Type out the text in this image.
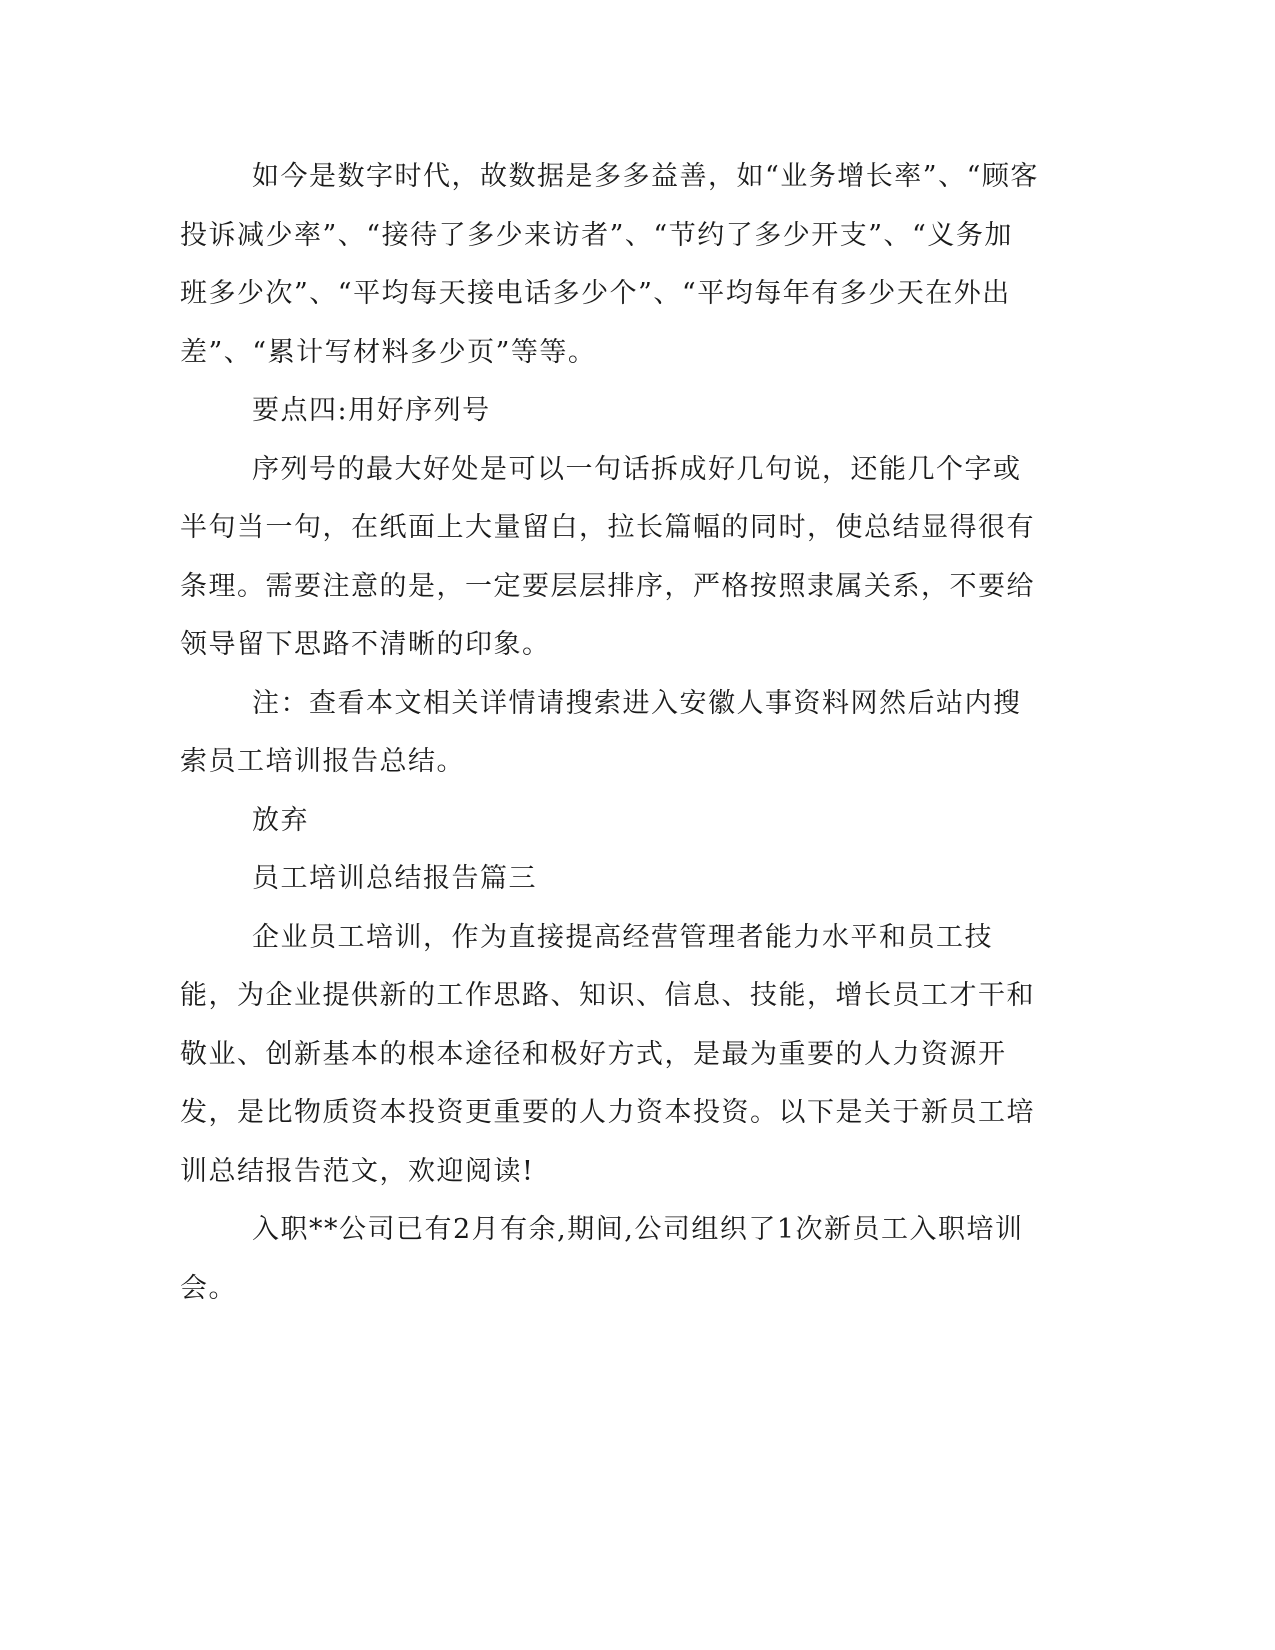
如今是数字时代，故数据是多多益善，如“业务增长率”、“顾客投诉减少率”、“接待了多少来访者”、“节约了多少开支”、“义务加班多少次”、“平均每天接电话多少个”、“平均每年有多少天在外出差”、“累计写材料多少页”等等。

要点四:用好序列号

序列号的最大好处是可以一句话拆成好几句说，还能几个字或半句当一句，在纸面上大量留白，拉长篇幅的同时，使总结显得很有条理。需要注意的是，一定要层层排序，严格按照隶属关系，不要给领导留下思路不清晰的印象。

注：查看本文相关详情请搜索进入安徽人事资料网然后站内搜索员工培训报告总结。

放弃

员工培训总结报告篇三

企业员工培训，作为直接提高经营管理者能力水平和员工技能，为企业提供新的工作思路、知识、信息、技能，增长员工才干和敬业、创新基本的根本途径和极好方式，是最为重要的人力资源开发，是比物质资本投资更重要的人力资本投资。以下是关于新员工培训总结报告范文，欢迎阅读!

入职**公司已有2月有余,期间,公司组织了1次新员工入职培训会。
